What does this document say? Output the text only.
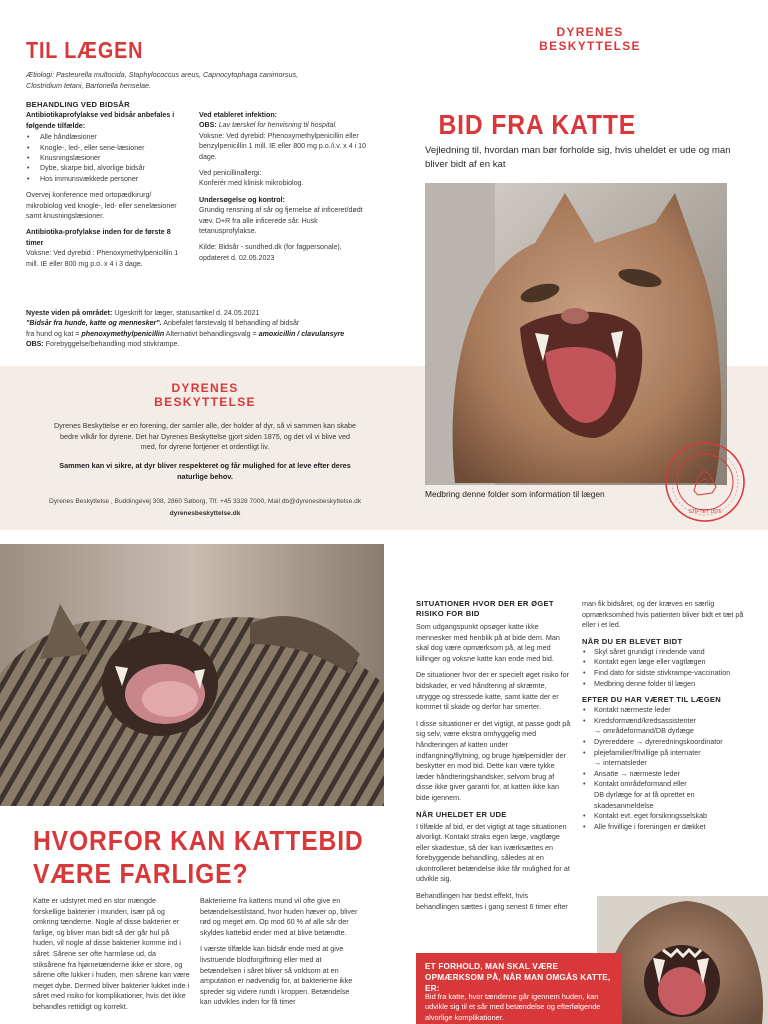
TIL LÆGEN
Ætiologi: Pasteurella multocida, Staphylococcus areus, Capnocytophaga canimorsus, Clostridium tetani, Bartonella henselae.
BEHANDLING VED BIDSÅR
Antibiotikaprofylakse ved bidsår anbefales i følgende tilfælde:
• Alle håndlæsioner
• Knogle-, led-, eller sene-læsioner
• Knusningslæsioner
• Dybe, skarpe bid, alvorlige bidsår
• Hos immunsvækkede personer
Overvej konference med ortopædkirurg/ mikrobiolog ved knogle-, led- eller senelæsioner samt knusningslæsioner.
Antibiotika-profylakse inden for de første 8 timer
Voksne: Ved dyrebid : Phenoxymethylpenicillin 1 mill. IE eller 800 mg p.o. x 4 i 3 dage.
Ved etableret infektion:
OBS: Lav tærskel for henvisning til hospital.
Voksne: Ved dyrebid: Phenoxymethylpenicillin eller benzylpenicillin 1 mill. IE eller 800 mg p.o./i.v. x 4 i 10 dage.
Ved penicillinallergi:
Konferér med klinisk mikrobiolog.
Undersøgelse og kontrol:
Grundig rensning af sår og fjernelse af inficeret/dødt væv. D+R fra alle inficerede sår. Husk tetanusprofylakse.
Kilde: Bidsår - sundhed.dk (for fagpersonale), opdateret d. 02.05.2023
Nyeste viden på området: Ugeskrift for læger, statusartikel d. 24.05.2021
"Bidsår fra hunde, katte og mennesker". Anbefalet førstevalg til behandling af bidsår
fra hund og kat = phenoxymethylpenicillin Alternativt behandlingsvalg = amoxicillin / clavulansyre
OBS: Forebyggelse/behandling mod stivkrampe.
DYRENES
BESKYTTELSE
Dyrenes Beskyttelse er en forening, der samler alle, der holder af dyr, så vi sammen kan skabe bedre vilkår for dyrene. Det har Dyrenes Beskyttelse gjort siden 1875, og det vil vi blive ved med, for dyrene fortjener et ordentligt liv.
Sammen kan vi sikre, at dyr bliver respekteret og får mulighed for at leve efter deres naturlige behov.
Dyrenes Beskyttelse , Buddingevej 308, 2860 Søborg, Tlf. +45 3328 7000, Mail db@dyrenesbeskyttelse.dk
dyrenesbeskyttelse.dk
DYRENES
BESKYTTELSE
BID FRA KATTE
Vejledning til, hvordan man bør forholde sig, hvis uheldet er ude og man bliver bidt af en kat
Medbring denne folder som information til lægen
STIFTET 1875
HVORFOR KAN KATTEBID
VÆRE FARLIGE?
Katte er udstyret med en stor mængde forskellige bakterier i munden, især på og omkring tænderne. Nogle af disse bakterier er farlige, og bliver man bidt så der går hul på huden, vil nogle af disse bakterier komme ind i såret. Sårene ser ofte harmløse ud, da stiksårene fra hjørnetænderne ikke er store, og sårene ofte lukker i huden, men sårene kan være meget dybe. Dermed bliver bakterier lukket inde i såret med risiko for komplikationer, hvis det ikke behandles rettidigt og korrekt.
Bakterierne fra kattens mund vil ofte give en betændelsestilstand, hvor huden hæver op, bliver rød og meget øm. Op mod 60 % af alle sår der skyldes kattebid ender med at blive betændte.
I værste tilfælde kan bidsår ende med at give livstruende blodforgiftning eller med at betændelsen i såret bliver så voldsom at en amputation er nødvendig for, at bakterierne ikke spreder sig videre rundt i kroppen. Betændelse kan udvikles inden for få timer
SITUATIONER HVOR DER ER ØGET RISIKO FOR BID
Som udgangspunkt opsøger katte ikke mennesker med henblik på at bide dem. Man skal dog være opmærksom på, at leg med killinger og voksne katte kan ende med bid.
De situationer hvor der er specielt øget risiko for bidskader, er ved håndtering af skræmte, utrygge og stressede katte, samt katte der er kommet til skade og derfor har smerter.
I disse situationer er det vigtigt, at passe godt på sig selv, være ekstra omhyggelig med håndteringen af katten under indfangning/flytning, og bruge hjælpemidler der beskytter en mod bid. Dette kan være tykke læder håndteringshandsker, selvom brug af disse ikke giver garanti for, at katten ikke kan bide igennem.
NÅR UHELDET ER UDE
I tilfælde af bid, er det vigtigt at tage situationen alvorligt. Kontakt straks egen læge, vagtlæge eller skadestue, så der kan iværksættes en forebyggende behandling, således at en ukontrolleret betændelse ikke får mulighed for at udvikle sig.
Behandlingen har bedst effekt, hvis behandlingen sættes i gang senest 6 timer efter
man fik bidsåret, og der kræves en særlig opmærksomhed hvis patienten bliver bidt et tæt på eller i et led.
NÅR DU ER BLEVET BIDT
• Skyl såret grundigt i rindende vand
• Kontakt egen læge eller vagtlægen
• Find dato for sidste stivkrampe-vaccination
• Medbring denne folder til lægen
EFTER DU HAR VÆRET TIL LÆGEN
• Kontakt nærmeste leder
• Kredsformænd/kredsassistenter
→ områdeformand/DB dyrlæge
• Dyrereddere → dyreredningskoordinator
• plejefamilier/frivillige på internater
→ internatsleder
• Ansatte → nærmeste leder
• Kontakt områdeformand eller
DB dyrlæge for at få oprettet en
skadesanmeldelse
• Kontakt evt. eget forsikringsselskab
• Alle frivillige i foreningen er dækket
ET FORHOLD, MAN SKAL VÆRE OPMÆRKSOM PÅ, NÅR MAN OMGÅS KATTE, ER:
Bid fra katte, hvor tænderne går igennem huden, kan udvikle sig til et sår med betændelse og efterfølgende alvorlige komplikationer.
